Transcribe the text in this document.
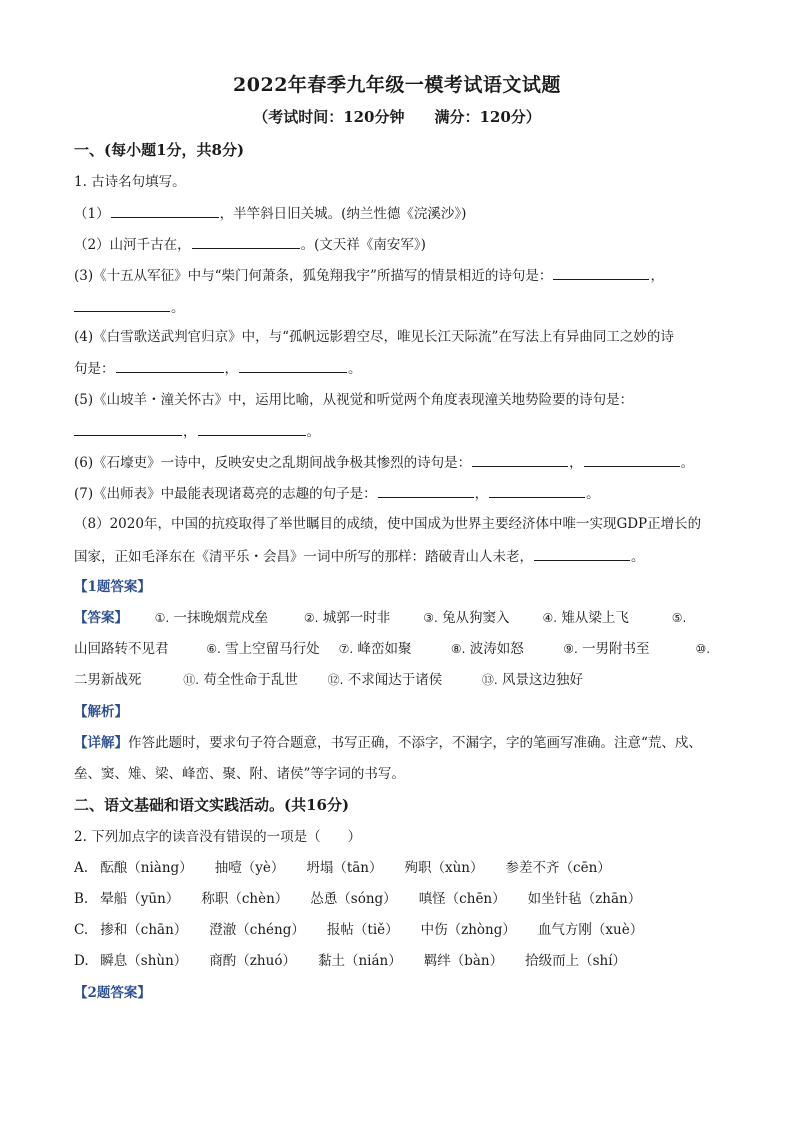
2022年春季九年级一模考试语文试题
（考试时间：120分钟 满分：120分）
一、(每小题1分，共8分)
1. 古诗名句填写。
（1）	，半竿斜日旧关城。(纳兰性德《浣溪沙》)
（2）山河千古在，	。(文天祥《南安军》)
(3)《十五从军征》中与“柴门何萧条，狐兔翔我宇”所描写的情景相近的诗句是：	，
。
(4)《白雪歌送武判官归京》中，与“孤帆远影碧空尽，唯见长江天际流”在写法上有异曲同工之妙的诗
句是：	，	。
(5)《山坡羊・潼关怀古》中，运用比喻，从视觉和听觉两个角度表现潼关地势险要的诗句是：
，	。
(6)《石壕吏》一诗中，反映安史之乱期间战争极其惨烈的诗句是：	，	。
(7)《出师表》中最能表现诸葛亮的志趣的句子是：	，	。
（8）2020年，中国的抗疫取得了举世瞩目的成绩，使中国成为世界主要经济体中唯一实现GDP正增长的
国家，正如毛泽东在《清平乐・会昌》一词中所写的那样：踏破青山人未老，	。
【1题答案】
【答案】 ①. 一抹晚烟荒戍垒	②. 城郭一时非	③. 兔从狗窦入	④. 雉从梁上飞	⑤.
山回路转不见君	⑥. 雪上空留马行处 ⑦. 峰峦如聚	⑧. 波涛如怒	⑨. 一男附书至	⑩.
二男新战死	⑪. 苟全性命于乱世 ⑫. 不求闻达于诸侯	⑬. 风景这边独好
【解析】
【详解】作答此题时，要求句子符合题意，书写正确，不添字，不漏字，字的笔画写准确。注意“荒、戍、
垒、窦、雉、梁、峰峦、聚、附、诸侯”等字词的书写。
二、语文基础和语文实践活动。(共16分)
2. 下列加点字的读音没有错误的一项是（　　）
A. 酝酿（niàng） 抽噎（yè） 坍塌（tān） 殉职（xùn） 参差不齐（cēn）
B. 晕船（yūn） 称职（chèn） 怂恿（sóng） 嗔怪（chēn） 如坐针毡（zhān）
C. 掺和（chān） 澄澈（chéng） 报帖（tiě） 中伤（zhòng） 血气方刚（xuè）
D. 瞬息（shùn） 商酌（zhuó） 黏土（nián） 羁绊（bàn） 拾级而上（shí）
【2题答案】
